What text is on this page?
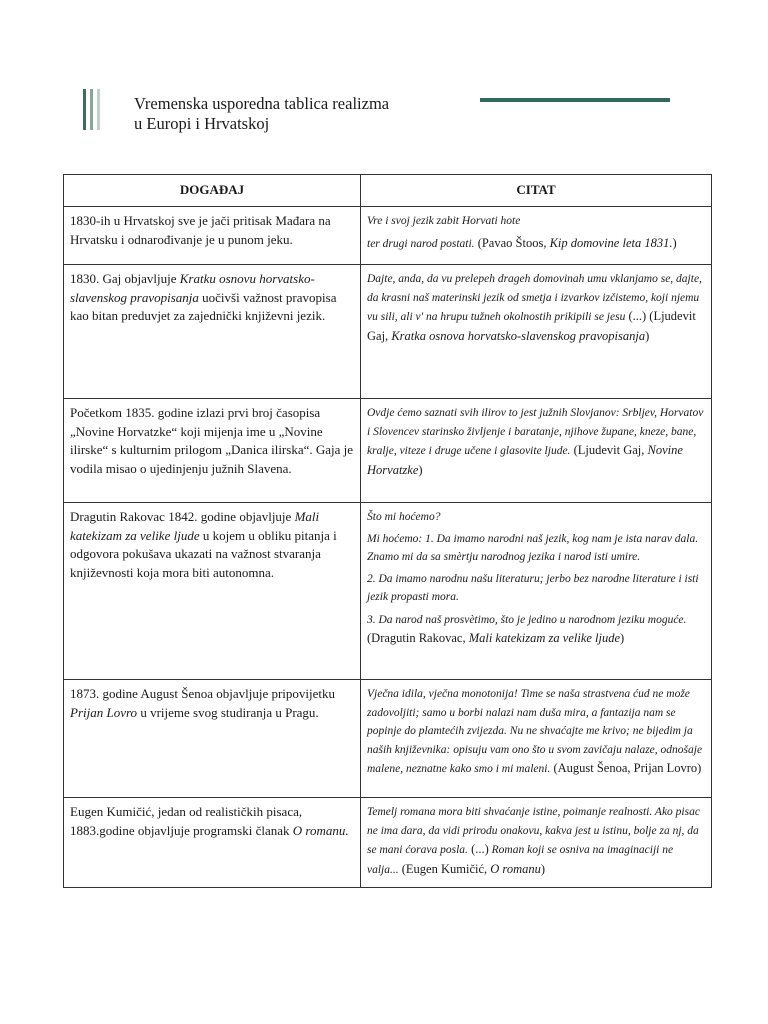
Vremenska usporedna tablica realizma
u Europi i Hrvatskoj
DOGAĐAJ	CITAT
1830-ih u Hrvatskoj sve je jači pritisak Mađara na Hrvatsku i odnarođivanje je u punom jeku.	Vre i svoj jezik zabit Horvati hote

ter drugi narod postati. (Pavao Štoos, Kip domovine leta 1831.)

1830. Gaj objavljuje Kratku osnovu horvatsko-slavenskog pravopisanja uočivši važnost pravopisa kao bitan preduvjet za zajednički književni jezik.	Dajte, anda, da vu prelepeh drageh domovinah umu vklanjamo se, dajte, da krasni naš materinski jezik od smetja i izvarkov izčistemo, koji njemu vu sili, ali v' na hrupu tužneh okolnostih prikipili se jesu (...) (Ljudevit Gaj, Kratka osnova horvatsko-slavenskog pravopisanja)
Početkom 1835. godine izlazi prvi broj časopisa „Novine Horvatzke“ koji mijenja ime u „Novine ilirske“ s kulturnim prilogom „Danica ilirska“. Gaja je vodila misao o ujedinjenju južnih Slavena.	Ovdje ćemo saznati svih ilirov to jest južnih Slovjanov: Srbljev, Horvatov i Slovencev starinsko življenje i baratanje, njihove župane, kneze, bane, kralje, viteze i druge učene i glasovite ljude. (Ljudevit Gaj, Novine Horvatzke)
Dragutin Rakovac 1842. godine objavljuje Mali katekizam za velike ljude u kojem u obliku pitanja i odgovora pokušava ukazati na važnost stvaranja književnosti koja mora biti autonomna.	Što mi hoćemo?

Mi hoćemo: 1. Da imamo narodni naš jezik, kog nam je ista narav dala. Znamo mi da sa smèrtju narodnog jezika i narod isti umire.

2. Da imamo narodnu našu literaturu; jerbo bez narodne literature i isti jezik propasti mora.

3. Da narod naš prosvètimo, što je jedino u narodnom jeziku moguće. (Dragutin Rakovac, Mali katekizam za velike ljude)

1873. godine August Šenoa objavljuje pripovijetku Prijan Lovro u vrijeme svog studiranja u Pragu.	Vječna idila, vječna monotonija! Time se naša strastvena ćud ne može zadovoljiti; samo u borbi nalazi nam duša mira, a fantazija nam se popinje do plamtećih zvijezda. Nu ne shvaćajte me krivo; ne bijedim ja naših književnika: opisuju vam ono što u svom zavičaju nalaze, odnošaje malene, neznatne kako smo i mi maleni. (August Šenoa, Prijan Lovro)
Eugen Kumičić, jedan od realističkih pisaca, 1883.godine objavljuje programski članak O romanu.	Temelj romana mora biti shvaćanje istine, poimanje realnosti. Ako pisac ne ima dara, da vidi prirodu onakovu, kakva jest u istinu, bolje za nj, da se mani ćorava posla. (...) Roman koji se osniva na imaginaciji ne valja... (Eugen Kumičić, O romanu)
